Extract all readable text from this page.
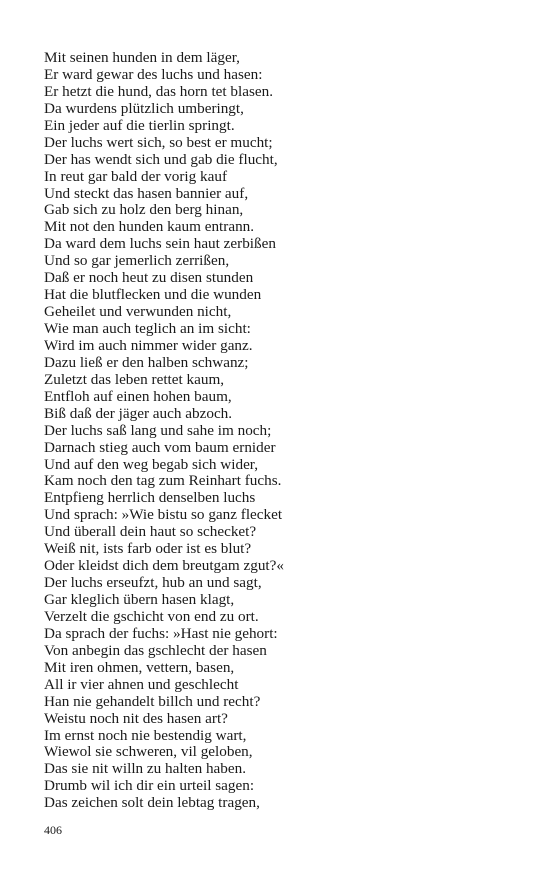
Mit seinen hunden in dem läger,
Er ward gewar des luchs und hasen:
Er hetzt die hund, das horn tet blasen.
Da wurdens plützlich umberingt,
Ein jeder auf die tierlin springt.
Der luchs wert sich, so best er mucht;
Der has wendt sich und gab die flucht,
In reut gar bald der vorig kauf
Und steckt das hasen bannier auf,
Gab sich zu holz den berg hinan,
Mit not den hunden kaum entrann.
Da ward dem luchs sein haut zerbißen
Und so gar jemerlich zerrißen,
Daß er noch heut zu disen stunden
Hat die blutflecken und die wunden
Geheilet und verwunden nicht,
Wie man auch teglich an im sicht:
Wird im auch nimmer wider ganz.
Dazu ließ er den halben schwanz;
Zuletzt das leben rettet kaum,
Entfloh auf einen hohen baum,
Biß daß der jäger auch abzoch.
Der luchs saß lang und sahe im noch;
Darnach stieg auch vom baum ernider
Und auf den weg begab sich wider,
Kam noch den tag zum Reinhart fuchs.
Entpfieng herrlich denselben luchs
Und sprach: »Wie bistu so ganz flecket
Und überall dein haut so schecket?
Weiß nit, ists farb oder ist es blut?
Oder kleidst dich dem breutgam zgut?«
Der luchs erseufzt, hub an und sagt,
Gar kleglich übern hasen klagt,
Verzelt die gschicht von end zu ort.
Da sprach der fuchs: »Hast nie gehort:
Von anbegin das gschlecht der hasen
Mit iren ohmen, vettern, basen,
All ir vier ahnen und geschlecht
Han nie gehandelt billch und recht?
Weistu noch nit des hasen art?
Im ernst noch nie bestendig wart,
Wiewol sie schweren, vil geloben,
Das sie nit willn zu halten haben.
Drumb wil ich dir ein urteil sagen:
Das zeichen solt dein lebtag tragen,
406
